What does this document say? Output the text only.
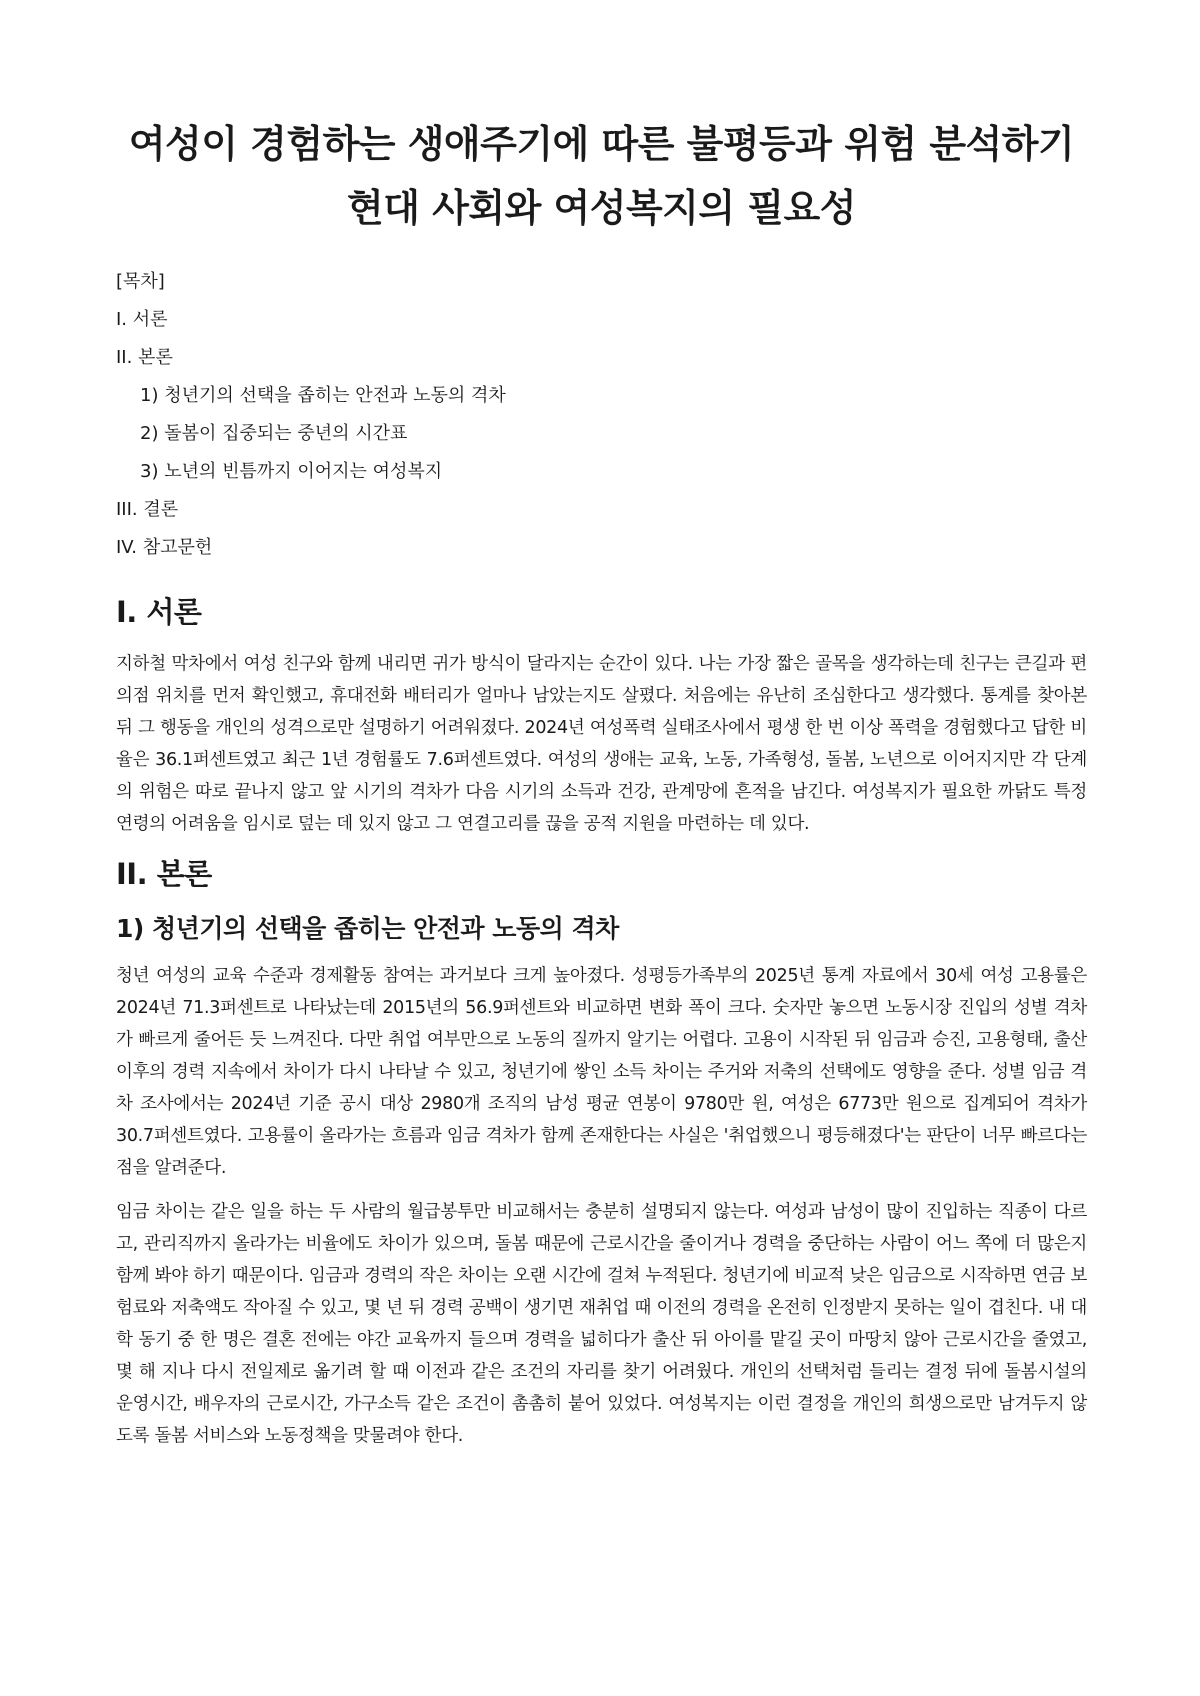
여성이 경험하는 생애주기에 따른 불평등과 위험 분석하기 현대 사회와 여성복지의 필요성
[목차]
I. 서론
II. 본론
1) 청년기의 선택을 좁히는 안전과 노동의 격차
2) 돌봄이 집중되는 중년의 시간표
3) 노년의 빈틈까지 이어지는 여성복지
III. 결론
IV. 참고문헌
I. 서론

지하철 막차에서 여성 친구와 함께 내리면 귀가 방식이 달라지는 순간이 있다. 나는 가장 짧은 골목을 생각하는데 친구는 큰길과 편의점 위치를 먼저 확인했고, 휴대전화 배터리가 얼마나 남았는지도 살폈다. 처음에는 유난히 조심한다고 생각했다. 통계를 찾아본 뒤 그 행동을 개인의 성격으로만 설명하기 어려워졌다. 2024년 여성폭력 실태조사에서 평생 한 번 이상 폭력을 경험했다고 답한 비율은 36.1퍼센트였고 최근 1년 경험률도 7.6퍼센트였다. 여성의 생애는 교육, 노동, 가족형성, 돌봄, 노년으로 이어지지만 각 단계의 위험은 따로 끝나지 않고 앞 시기의 격차가 다음 시기의 소득과 건강, 관계망에 흔적을 남긴다. 여성복지가 필요한 까닭도 특정 연령의 어려움을 임시로 덮는 데 있지 않고 그 연결고리를 끊을 공적 지원을 마련하는 데 있다.

II. 본론
1) 청년기의 선택을 좁히는 안전과 노동의 격차

청년 여성의 교육 수준과 경제활동 참여는 과거보다 크게 높아졌다. 성평등가족부의 2025년 통계 자료에서 30세 여성 고용률은 2024년 71.3퍼센트로 나타났는데 2015년의 56.9퍼센트와 비교하면 변화 폭이 크다. 숫자만 놓으면 노동시장 진입의 성별 격차가 빠르게 줄어든 듯 느껴진다. 다만 취업 여부만으로 노동의 질까지 알기는 어렵다. 고용이 시작된 뒤 임금과 승진, 고용형태, 출산 이후의 경력 지속에서 차이가 다시 나타날 수 있고, 청년기에 쌓인 소득 차이는 주거와 저축의 선택에도 영향을 준다. 성별 임금 격차 조사에서는 2024년 기준 공시 대상 2980개 조직의 남성 평균 연봉이 9780만 원, 여성은 6773만 원으로 집계되어 격차가 30.7퍼센트였다. 고용률이 올라가는 흐름과 임금 격차가 함께 존재한다는 사실은 '취업했으니 평등해졌다'는 판단이 너무 빠르다는 점을 알려준다.

임금 차이는 같은 일을 하는 두 사람의 월급봉투만 비교해서는 충분히 설명되지 않는다. 여성과 남성이 많이 진입하는 직종이 다르고, 관리직까지 올라가는 비율에도 차이가 있으며, 돌봄 때문에 근로시간을 줄이거나 경력을 중단하는 사람이 어느 쪽에 더 많은지 함께 봐야 하기 때문이다. 임금과 경력의 작은 차이는 오랜 시간에 걸쳐 누적된다. 청년기에 비교적 낮은 임금으로 시작하면 연금 보험료와 저축액도 작아질 수 있고, 몇 년 뒤 경력 공백이 생기면 재취업 때 이전의 경력을 온전히 인정받지 못하는 일이 겹친다. 내 대학 동기 중 한 명은 결혼 전에는 야간 교육까지 들으며 경력을 넓히다가 출산 뒤 아이를 맡길 곳이 마땅치 않아 근로시간을 줄였고, 몇 해 지나 다시 전일제로 옮기려 할 때 이전과 같은 조건의 자리를 찾기 어려웠다. 개인의 선택처럼 들리는 결정 뒤에 돌봄시설의 운영시간, 배우자의 근로시간, 가구소득 같은 조건이 촘촘히 붙어 있었다. 여성복지는 이런 결정을 개인의 희생으로만 남겨두지 않도록 돌봄 서비스와 노동정책을 맞물려야 한다.
